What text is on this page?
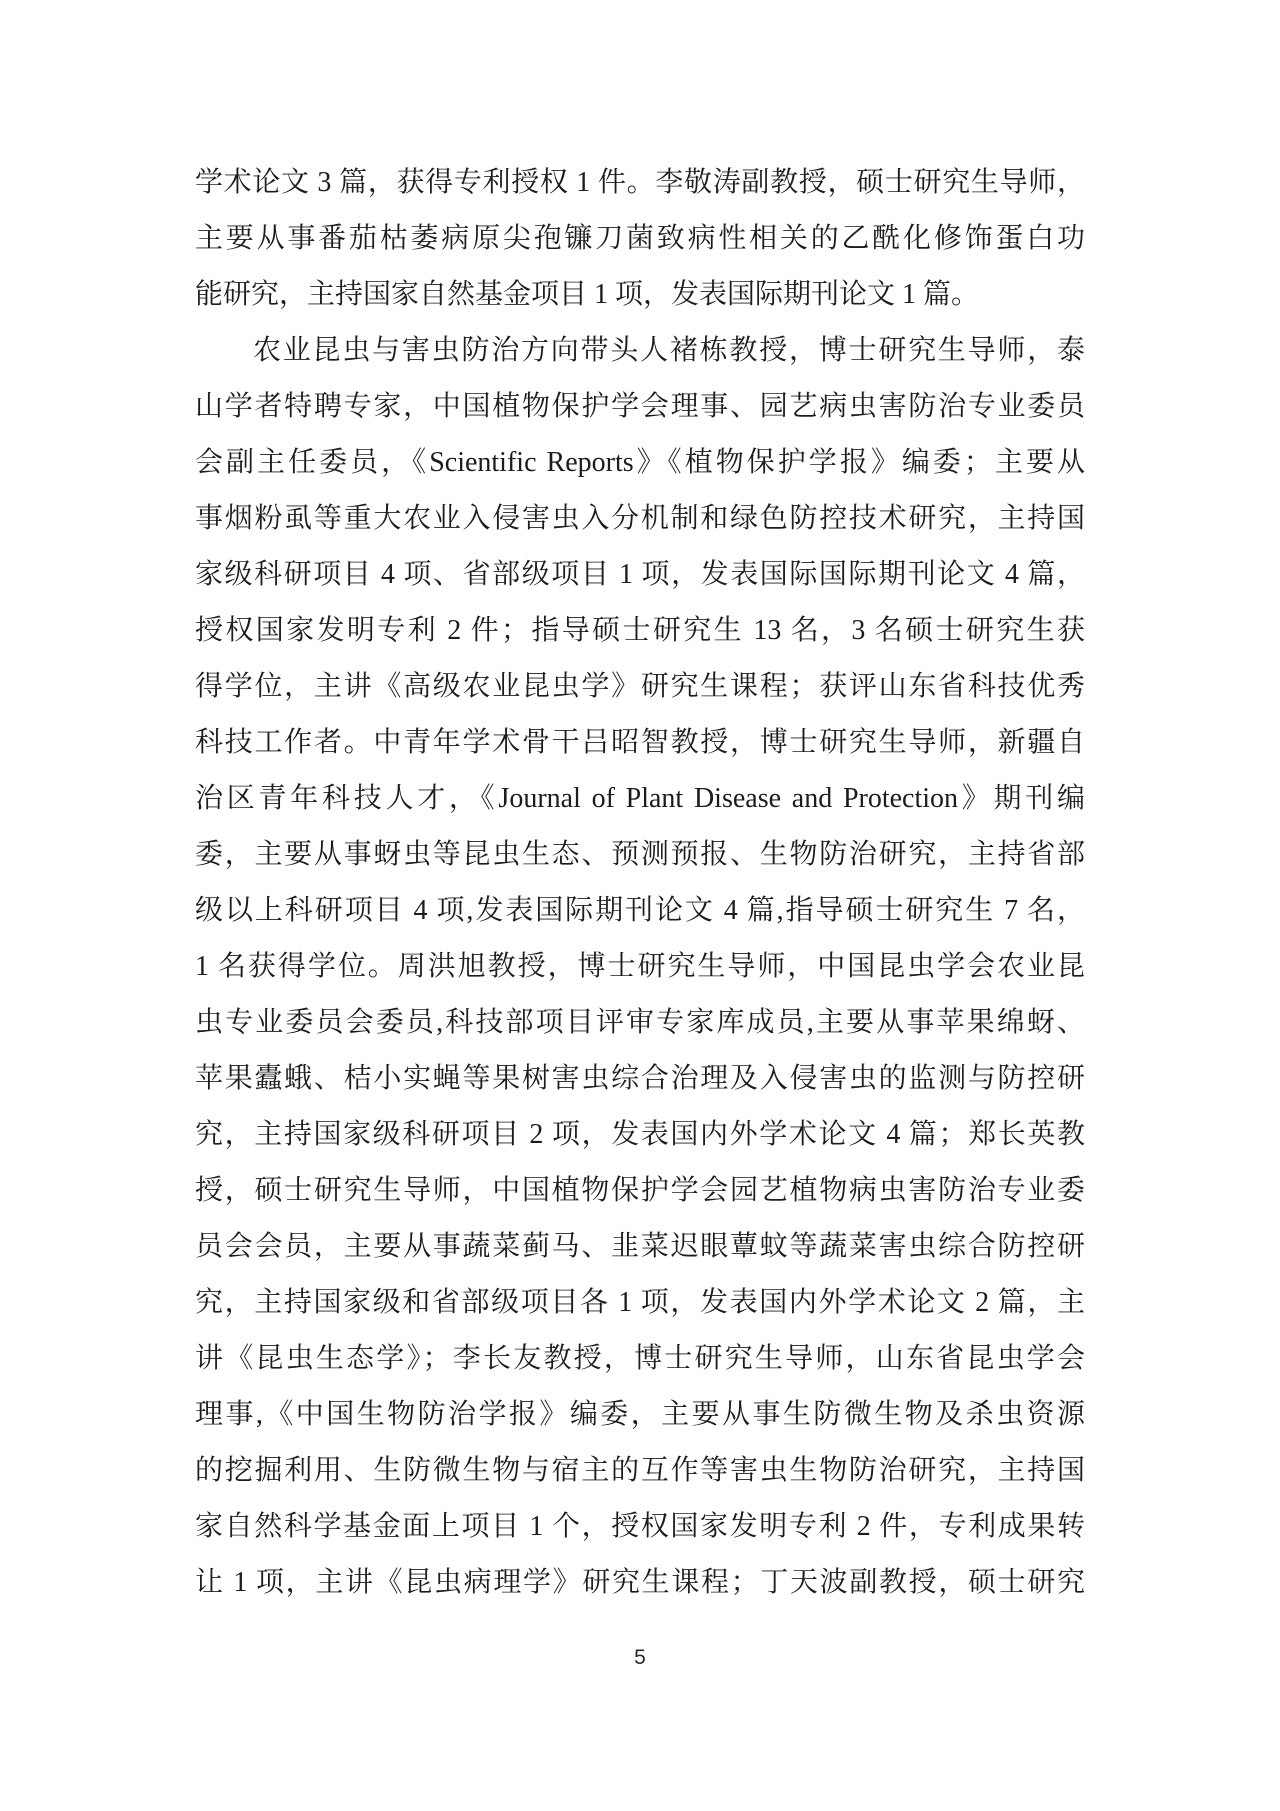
学术论文 3 篇，获得专利授权 1 件。李敬涛副教授，硕士研究生导师，
主要从事番茄枯萎病原尖孢镰刀菌致病性相关的乙酰化修饰蛋白功
能研究，主持国家自然基金项目 1 项，发表国际期刊论文 1 篇。
农业昆虫与害虫防治方向带头人褚栋教授，博士研究生导师，泰
山学者特聘专家，中国植物保护学会理事、园艺病虫害防治专业委员
会副主任委员，《Scientific Reports》《植物保护学报》编委；主要从
事烟粉虱等重大农业入侵害虫入分机制和绿色防控技术研究，主持国
家级科研项目 4 项、省部级项目 1 项，发表国际国际期刊论文 4 篇，
授权国家发明专利 2 件；指导硕士研究生 13 名，3 名硕士研究生获
得学位，主讲《高级农业昆虫学》研究生课程；获评山东省科技优秀
科技工作者。中青年学术骨干吕昭智教授，博士研究生导师，新疆自
治区青年科技人才，《Journal of Plant Disease and Protection》期刊编
委，主要从事蚜虫等昆虫生态、预测预报、生物防治研究，主持省部
级以上科研项目 4 项,发表国际期刊论文 4 篇,指导硕士研究生 7 名，
1 名获得学位。周洪旭教授，博士研究生导师，中国昆虫学会农业昆
虫专业委员会委员,科技部项目评审专家库成员,主要从事苹果绵蚜、
苹果蠹蛾、桔小实蝇等果树害虫综合治理及入侵害虫的监测与防控研
究，主持国家级科研项目 2 项，发表国内外学术论文 4 篇；郑长英教
授，硕士研究生导师，中国植物保护学会园艺植物病虫害防治专业委
员会会员，主要从事蔬菜蓟马、韭菜迟眼蕈蚊等蔬菜害虫综合防控研
究，主持国家级和省部级项目各 1 项，发表国内外学术论文 2 篇，主
讲《昆虫生态学》；李长友教授，博士研究生导师，山东省昆虫学会
理事,《中国生物防治学报》编委，主要从事生防微生物及杀虫资源
的挖掘利用、生防微生物与宿主的互作等害虫生物防治研究，主持国
家自然科学基金面上项目 1 个，授权国家发明专利 2 件，专利成果转
让 1 项，主讲《昆虫病理学》研究生课程；丁天波副教授，硕士研究
5
